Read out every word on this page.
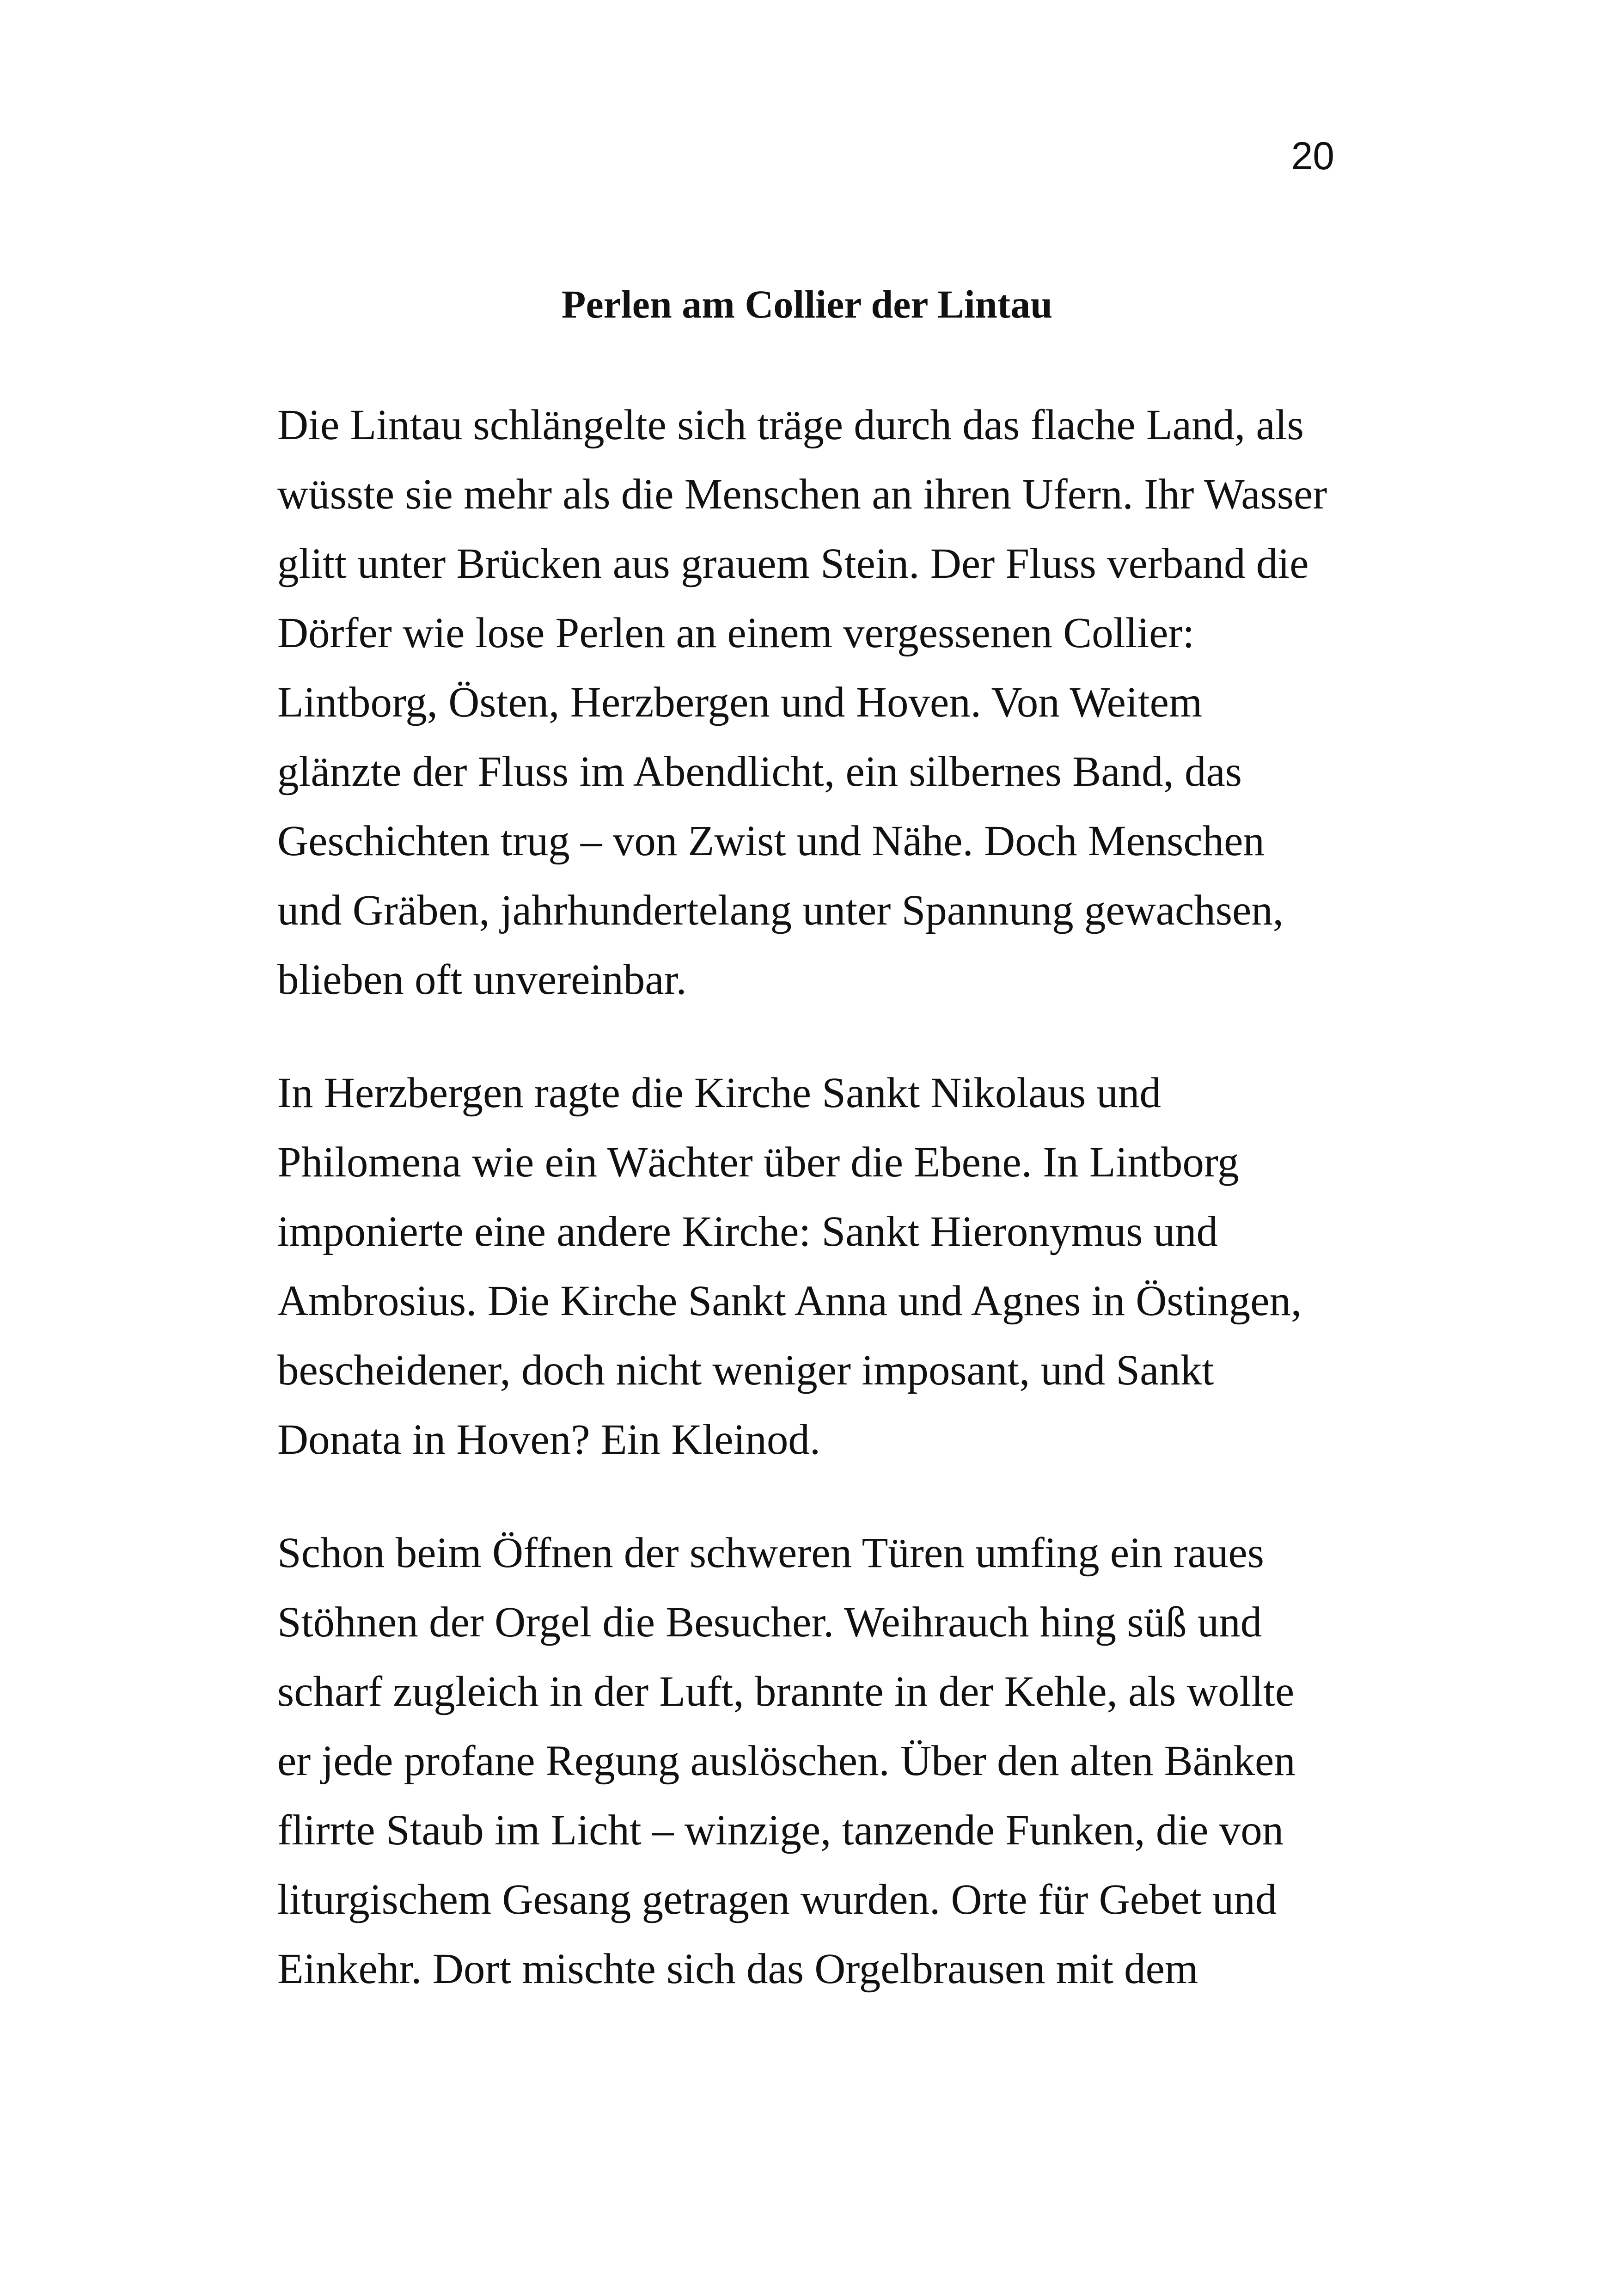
20
Perlen am Collier der Lintau

Die Lintau schlängelte sich träge durch das flache Land, als
wüsste sie mehr als die Menschen an ihren Ufern. Ihr Wasser
glitt unter Brücken aus grauem Stein. Der Fluss verband die
Dörfer wie lose Perlen an einem vergessenen Collier:
Lintborg, Östen, Herzbergen und Hoven. Von Weitem
glänzte der Fluss im Abendlicht, ein silbernes Band, das
Geschichten trug – von Zwist und Nähe. Doch Menschen
und Gräben, jahrhundertelang unter Spannung gewachsen,
blieben oft unvereinbar.

In Herzbergen ragte die Kirche Sankt Nikolaus und
Philomena wie ein Wächter über die Ebene. In Lintborg
imponierte eine andere Kirche: Sankt Hieronymus und
Ambrosius. Die Kirche Sankt Anna und Agnes in Östingen,
bescheidener, doch nicht weniger imposant, und Sankt
Donata in Hoven? Ein Kleinod.

Schon beim Öffnen der schweren Türen umfing ein raues
Stöhnen der Orgel die Besucher. Weihrauch hing süß und
scharf zugleich in der Luft, brannte in der Kehle, als wollte
er jede profane Regung auslöschen. Über den alten Bänken
flirrte Staub im Licht – winzige, tanzende Funken, die von
liturgischem Gesang getragen wurden. Orte für Gebet und
Einkehr. Dort mischte sich das Orgelbrausen mit dem
